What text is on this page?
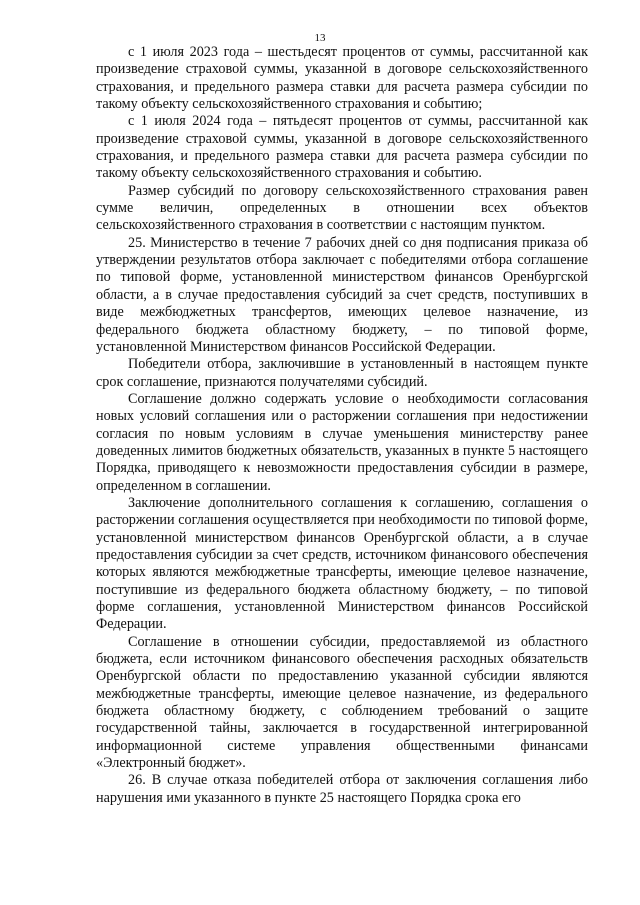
13

с 1 июля 2023 года – шестьдесят процентов от суммы, рассчитанной как произведение страховой суммы, указанной в договоре сельскохозяйственного страхования, и предельного размера ставки для расчета размера субсидии по такому объекту сельскохозяйственного страхования и событию;

с 1 июля 2024 года – пятьдесят процентов от суммы, рассчитанной как произведение страховой суммы, указанной в договоре сельскохозяйственного страхования, и предельного размера ставки для расчета размера субсидии по такому объекту сельскохозяйственного страхования и событию.

Размер субсидий по договору сельскохозяйственного страхования равен сумме величин, определенных в отношении всех объектов сельскохозяйственного страхования в соответствии с настоящим пунктом.

25. Министерство в течение 7 рабочих дней со дня подписания приказа об утверждении результатов отбора заключает с победителями отбора соглашение по типовой форме, установленной министерством финансов Оренбургской области, а в случае предоставления субсидий за счет средств, поступивших в виде межбюджетных трансфертов, имеющих целевое назначение, из федерального бюджета областному бюджету, – по типовой форме, установленной Министерством финансов Российской Федерации.

Победители отбора, заключившие в установленный в настоящем пункте срок соглашение, признаются получателями субсидий.

Соглашение должно содержать условие о необходимости согласования новых условий соглашения или о расторжении соглашения при недостижении согласия по новым условиям в случае уменьшения министерству ранее доведенных лимитов бюджетных обязательств, указанных в пункте 5 настоящего Порядка, приводящего к невозможности предоставления субсидии в размере, определенном в соглашении.

Заключение дополнительного соглашения к соглашению, соглашения о расторжении соглашения осуществляется при необходимости по типовой форме, установленной министерством финансов Оренбургской области, а в случае предоставления субсидии за счет средств, источником финансового обеспечения которых являются межбюджетные трансферты, имеющие целевое назначение, поступившие из федерального бюджета областному бюджету, – по типовой форме соглашения, установленной Министерством финансов Российской Федерации.

Соглашение в отношении субсидии, предоставляемой из областного бюджета, если источником финансового обеспечения расходных обязательств Оренбургской области по предоставлению указанной субсидии являются межбюджетные трансферты, имеющие целевое назначение, из федерального бюджета областному бюджету, с соблюдением требований о защите государственной тайны, заключается в государственной интегрированной информационной системе управления общественными финансами «Электронный бюджет».

26. В случае отказа победителей отбора от заключения соглашения либо нарушения ими указанного в пункте 25 настоящего Порядка срока его
